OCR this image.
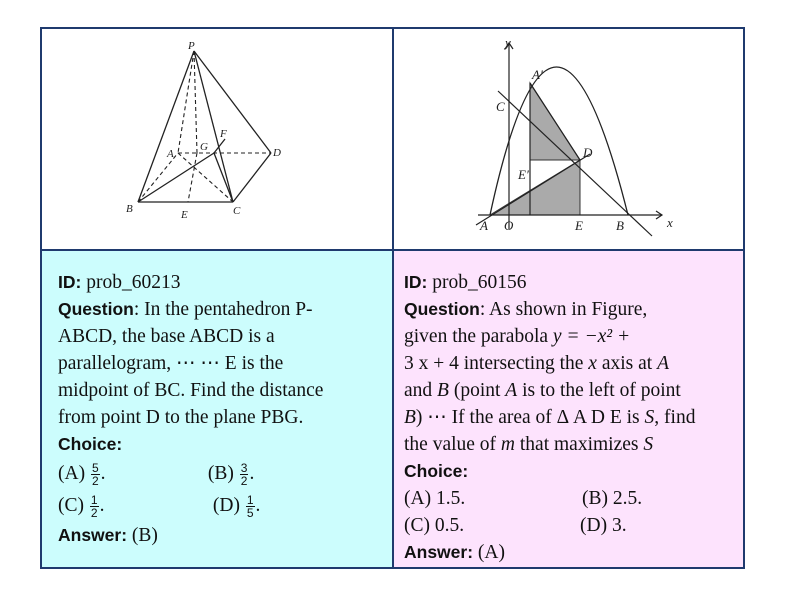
P
A
G
F
D
B	E	C
y
x
A′
C
D
E′
A O	E	B
ID: prob_60213
Question: In the pentahedron P-
ABCD, the base ABCD is a
parallelogram, ⋯ ⋯ E is the
midpoint of BC. Find the distance
from point D to the plane PBG.
Choice:
$(A) \frac{5}{2}$ .	$(B) \frac{3}{2}$ .
$(C) \frac{1}{2}$ .	$(D) \frac{1}{5}$ .
Answer: (B)
ID: prob_60156
Question: As shown in Figure,
given the parabola y = −x² +
3 x + 4 intersecting the x axis at A
and B (point A is to the left of point
B) ⋯ If the area of Δ A D E is S, find
the value of m that maximizes S
Choice:
(A) 1.5.	(B) 2.5.
(C) 0.5.	(D) 3.
Answer: (A)
